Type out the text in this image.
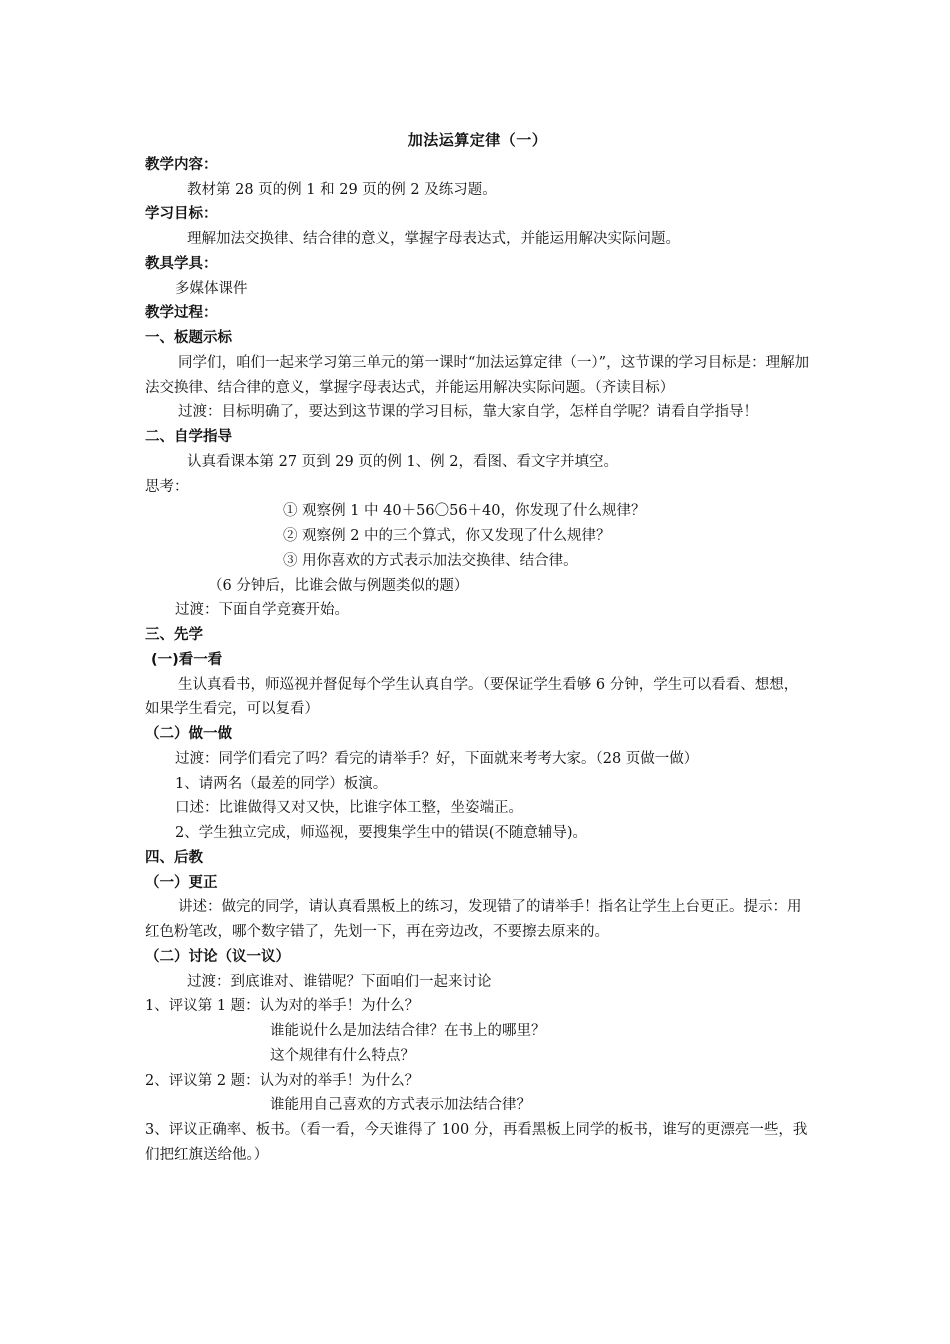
加法运算定律（一）
教学内容：
教材第 28 页的例 1 和 29 页的例 2 及练习题。
学习目标：
理解加法交换律、结合律的意义，掌握字母表达式，并能运用解决实际问题。
教具学具：
多媒体课件
教学过程：
一、板题示标
同学们，咱们一起来学习第三单元的第一课时“加法运算定律（一）”，这节课的学习目标是：理解加法交换律、结合律的意义，掌握字母表达式，并能运用解决实际问题。（齐读目标）
过渡：目标明确了，要达到这节课的学习目标，靠大家自学，怎样自学呢？请看自学指导！
二、自学指导
认真看课本第 27 页到 29 页的例 1、例 2，看图、看文字并填空。
思考：
① 观察例 1 中 40＋56〇56＋40，你发现了什么规律？
② 观察例 2 中的三个算式，你又发现了什么规律？
③ 用你喜欢的方式表示加法交换律、结合律。
（6 分钟后，比谁会做与例题类似的题）
过渡：下面自学竞赛开始。
三、先学
(一)看一看
生认真看书，师巡视并督促每个学生认真自学。（要保证学生看够 6 分钟，学生可以看看、想想，如果学生看完，可以复看）
（二）做一做
过渡：同学们看完了吗？看完的请举手？好，下面就来考考大家。（28 页做一做）
1、请两名（最差的同学）板演。
口述：比谁做得又对又快，比谁字体工整，坐姿端正。
2、学生独立完成，师巡视，要搜集学生中的错误(不随意辅导)。
四、后教
（一）更正
讲述：做完的同学，请认真看黑板上的练习，发现错了的请举手！指名让学生上台更正。提示：用红色粉笔改，哪个数字错了，先划一下，再在旁边改，不要擦去原来的。
（二）讨论（议一议）
过渡：到底谁对、谁错呢？下面咱们一起来讨论
1、评议第 1 题：认为对的举手！为什么？
谁能说什么是加法结合律？在书上的哪里？
这个规律有什么特点？
2、评议第 2 题：认为对的举手！为什么？
谁能用自己喜欢的方式表示加法结合律？
3、评议正确率、板书。（看一看，今天谁得了 100 分，再看黑板上同学的板书，谁写的更漂亮一些，我们把红旗送给他。）
